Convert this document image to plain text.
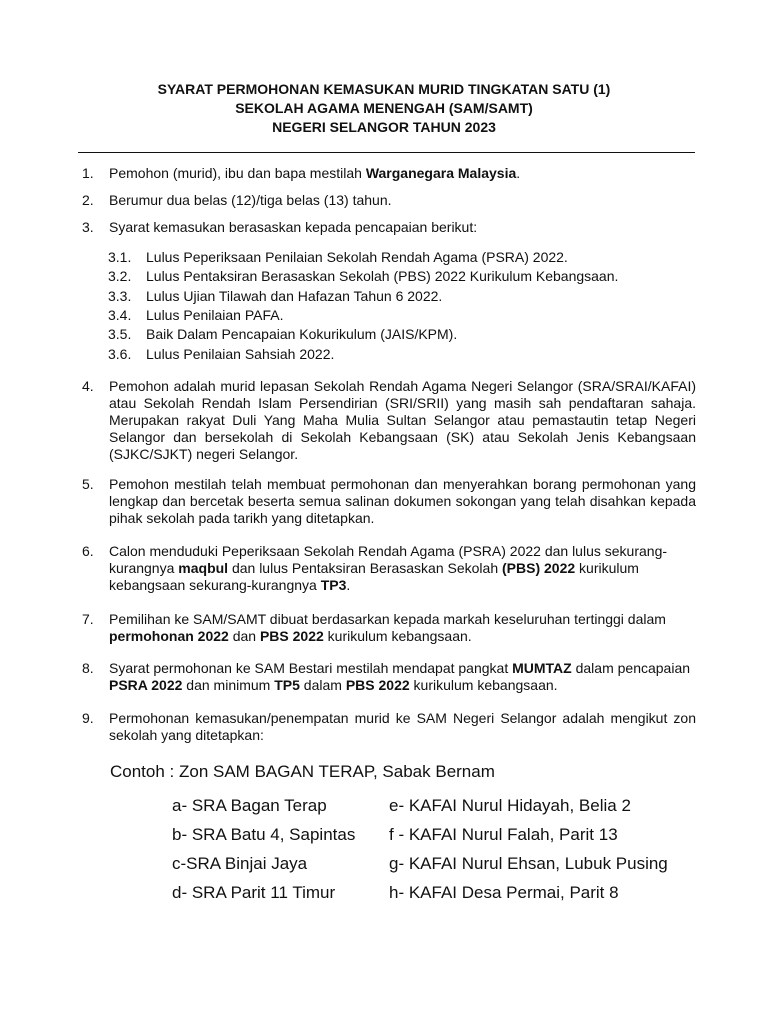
SYARAT PERMOHONAN KEMASUKAN MURID TINGKATAN SATU (1)
SEKOLAH AGAMA MENENGAH (SAM/SAMT)
NEGERI SELANGOR TAHUN 2023
1. Pemohon (murid), ibu dan bapa mestilah Warganegara Malaysia.
2. Berumur dua belas (12)/tiga belas (13) tahun.
3. Syarat kemasukan berasaskan kepada pencapaian berikut:
3.1. Lulus Peperiksaan Penilaian Sekolah Rendah Agama (PSRA) 2022.
3.2. Lulus Pentaksiran Berasaskan Sekolah (PBS) 2022 Kurikulum Kebangsaan.
3.3. Lulus Ujian Tilawah dan Hafazan Tahun 6 2022.
3.4. Lulus Penilaian PAFA.
3.5. Baik Dalam Pencapaian Kokurikulum (JAIS/KPM).
3.6. Lulus Penilaian Sahsiah 2022.
4. Pemohon adalah murid lepasan Sekolah Rendah Agama Negeri Selangor (SRA/SRAI/KAFAI) atau Sekolah Rendah Islam Persendirian (SRI/SRII) yang masih sah pendaftaran sahaja. Merupakan rakyat Duli Yang Maha Mulia Sultan Selangor atau pemastautin tetap Negeri Selangor dan bersekolah di Sekolah Kebangsaan (SK) atau Sekolah Jenis Kebangsaan (SJKC/SJKT) negeri Selangor.
5. Pemohon mestilah telah membuat permohonan dan menyerahkan borang permohonan yang lengkap dan bercetak beserta semua salinan dokumen sokongan yang telah disahkan kepada pihak sekolah pada tarikh yang ditetapkan.
6. Calon menduduki Peperiksaan Sekolah Rendah Agama (PSRA) 2022 dan lulus sekurang-kurangnya maqbul dan lulus Pentaksiran Berasaskan Sekolah (PBS) 2022 kurikulum kebangsaan sekurang-kurangnya TP3.
7. Pemilihan ke SAM/SAMT dibuat berdasarkan kepada markah keseluruhan tertinggi dalam permohonan 2022 dan PBS 2022 kurikulum kebangsaan.
8. Syarat permohonan ke SAM Bestari mestilah mendapat pangkat MUMTAZ dalam pencapaian PSRA 2022 dan minimum TP5 dalam PBS 2022 kurikulum kebangsaan.
9. Permohonan kemasukan/penempatan murid ke SAM Negeri Selangor adalah mengikut zon sekolah yang ditetapkan:
Contoh : Zon SAM BAGAN TERAP, Sabak Bernam
a- SRA Bagan Terap	e- KAFAI Nurul Hidayah, Belia 2
b- SRA Batu 4, Sapintas f - KAFAI Nurul Falah, Parit 13
c-SRA Binjai Jaya	g- KAFAI Nurul Ehsan, Lubuk Pusing
d- SRA Parit 11 Timur	h- KAFAI Desa Permai, Parit 8
